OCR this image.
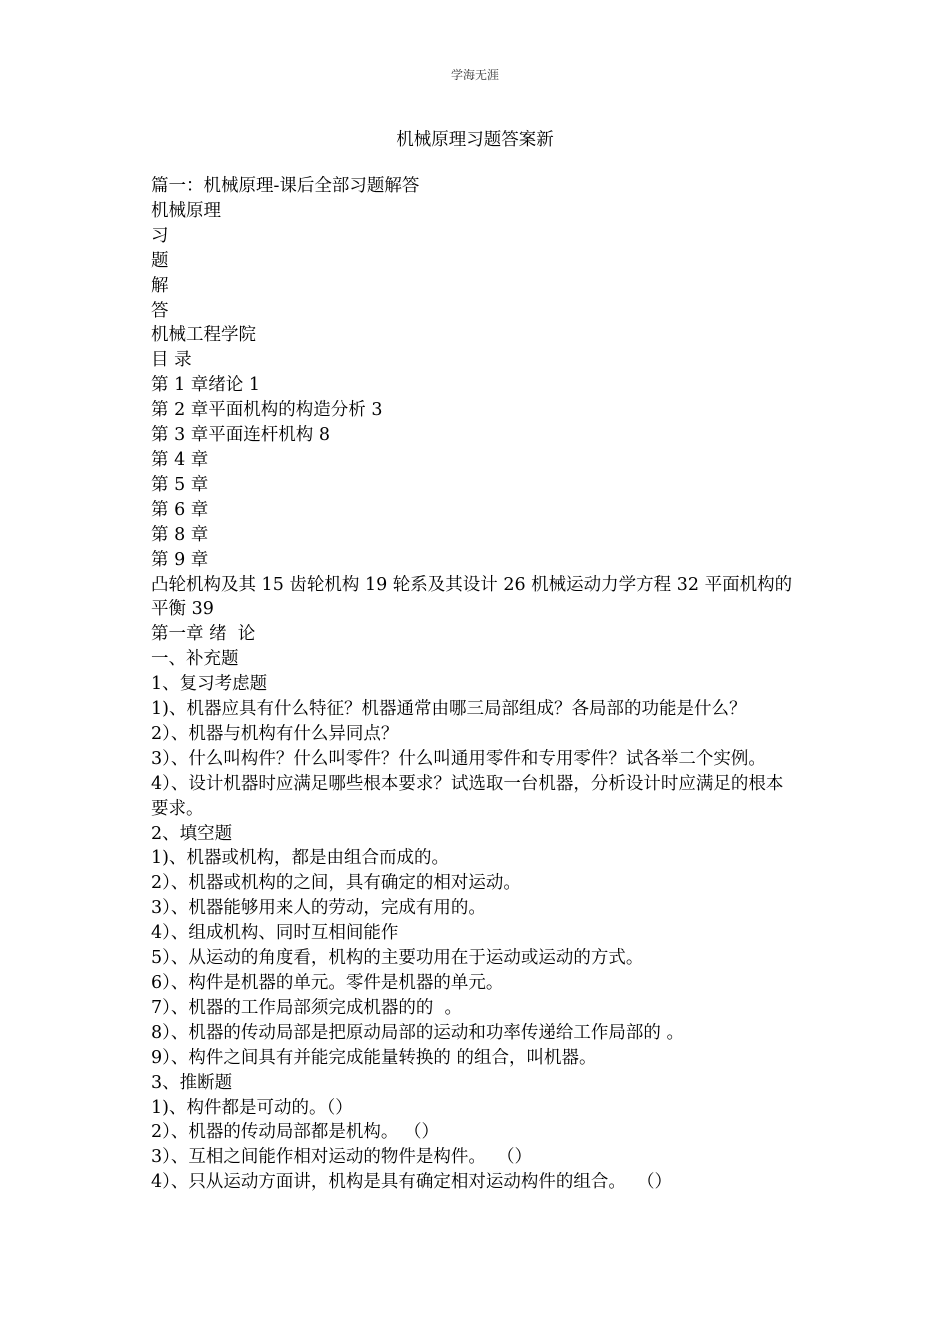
学海无涯
机械原理习题答案新
篇一：机械原理-课后全部习题解答
机械原理
习
题
解
答
机械工程学院
目 录
第 1 章绪论 1
第 2 章平面机构的构造分析 3
第 3 章平面连杆机构 8
第 4 章
第 5 章
第 6 章
第 8 章
第 9 章
凸轮机构及其 15 齿轮机构 19 轮系及其设计 26 机械运动力学方程 32 平面机构的平衡 39
第一章 绪  论
一、补充题
1、复习考虑题
1)、机器应具有什么特征？机器通常由哪三局部组成？各局部的功能是什么？
2）、机器与机构有什么异同点？
3）、什么叫构件？什么叫零件？什么叫通用零件和专用零件？试各举二个实例。
4）、设计机器时应满足哪些根本要求？试选取一台机器，分析设计时应满足的根本要求。
2、填空题
1)、机器或机构，都是由组合而成的。
2）、机器或机构的之间，具有确定的相对运动。
3）、机器能够用来人的劳动，完成有用的。
4）、组成机构、同时互相间能作
5）、从运动的角度看，机构的主要功用在于运动或运动的方式。
6）、构件是机器的单元。零件是机器的单元。
7）、机器的工作局部须完成机器的的  。
8）、机器的传动局部是把原动局部的运动和功率传递给工作局部的 。
9）、构件之间具有并能完成能量转换的 的组合，叫机器。
3、推断题
1)、构件都是可动的。（）
2）、机器的传动局部都是机构。 （）
3）、互相之间能作相对运动的物件是构件。  （）
4）、只从运动方面讲，机构是具有确定相对运动构件的组合。  （）
